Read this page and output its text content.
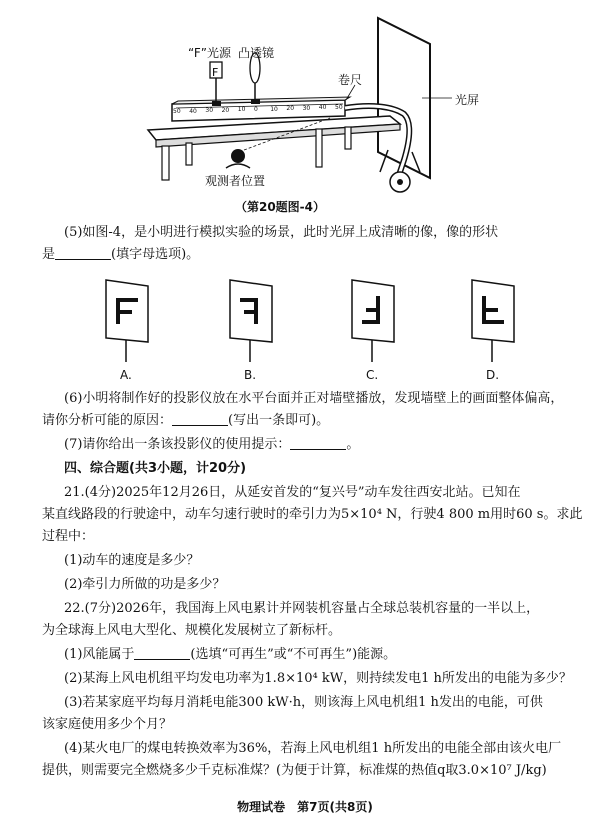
F
50 40 30 20 10 0 10 20 30 40 50
“F”光源 凸透镜
卷尺
光屏
观测者位置
（第20题图-4）
(5)如图-4，是小明进行模拟实验的场景，此时光屏上成清晰的像，像的形状
是	(填字母选项)。
A.	B.	C.	D.
(6)小明将制作好的投影仪放在水平台面并正对墙壁播放，发现墙壁上的画面整体偏高，
请你分析可能的原因：	(写出一条即可)。
(7)请你给出一条该投影仪的使用提示：	。
四、综合题(共3小题，计20分)
21.(4分)2025年12月26日，从延安首发的“复兴号”动车发往西安北站。已知在
某直线路段的行驶途中，动车匀速行驶时的牵引力为5×10⁴ N，行驶4 800 m用时60 s。求此
过程中：
(1)动车的速度是多少？
(2)牵引力所做的功是多少？
22.(7分)2026年，我国海上风电累计并网装机容量占全球总装机容量的一半以上，
为全球海上风电大型化、规模化发展树立了新标杆。
(1)风能属于	(选填“可再生”或“不可再生”)能源。
(2)某海上风电机组平均发电功率为1.8×10⁴ kW，则持续发电1 h所发出的电能为多少？
(3)若某家庭平均每月消耗电能300 kW·h，则该海上风电机组1 h发出的电能，可供
该家庭使用多少个月？
(4)某火电厂的煤电转换效率为36%，若海上风电机组1 h所发出的电能全部由该火电厂
提供，则需要完全燃烧多少千克标准煤？(为便于计算，标准煤的热值q取3.0×10⁷ J/kg)
物理试卷　第7页(共8页)
